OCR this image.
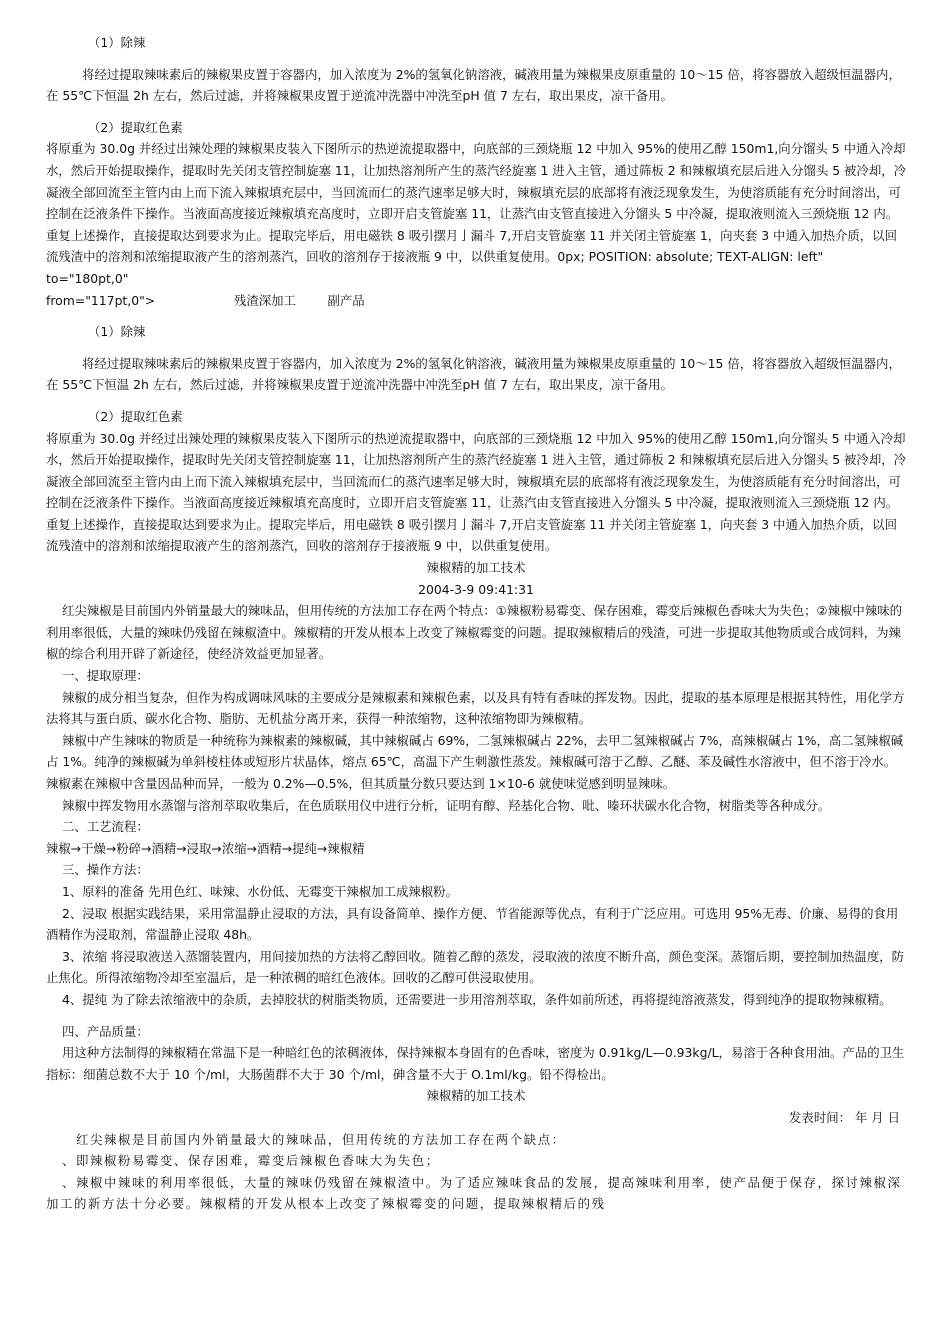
（1）除辣

将经过提取辣味素后的辣椒果皮置于容器内，加入浓度为 2%的氢氧化钠溶液，碱液用量为辣椒果皮原重量的 10～15 倍，将容器放入超级恒温器内，在 55℃下恒温 2h 左右，然后过滤，并将辣椒果皮置于逆流冲洗器中冲洗至pH 值 7 左右，取出果皮，凉干备用。

（2）提取红色素

将原重为 30.0g 并经过出辣处理的辣椒果皮装入下图所示的热逆流提取器中，向底部的三颈烧瓶 12 中加入 95%的使用乙醇 150m1,向分馏头 5 中通入冷却水，然后开始提取操作，提取时先关闭支管控制旋塞 11，让加热溶剂所产生的蒸汽经旋塞 1 进入主管，通过筛板 2 和辣椒填充层后进入分馏头 5 被冷却，冷凝液全部回流至主管内由上而下流入辣椒填充层中，当回流而仁的蒸汽速率足够大时，辣椒填充层的底部将有液泛现象发生，为使溶质能有充分时间溶出，可控制在泛液条件下操作。当液面高度接近辣椒填充高度时，立即开启支管旋塞 11，让蒸汽由支管直接进入分馏头 5 中冷凝，提取液则流入三颈烧瓶 12 内。重复上述操作，直接提取达到要求为止。提取完毕后，用电磁铁 8 吸引摆月亅漏斗 7,开启支管旋塞 11 并关闭主管旋塞 1，向夹套 3 中通入加热介质，以回流残渣中的溶剂和浓缩提取液产生的溶剂蒸汽，回收的溶剂存于接液瓶 9 中，以供重复使用。0px; POSITION: absolute; TEXT-ALIGN: left" to="180pt,0"

from="117pt,0">	残渣深加工	副产品

（1）除辣

将经过提取辣味素后的辣椒果皮置于容器内，加入浓度为 2%的氢氧化钠溶液，碱液用量为辣椒果皮原重量的 10～15 倍，将容器放入超级恒温器内，在 55℃下恒温 2h 左右，然后过滤，并将辣椒果皮置于逆流冲洗器中冲洗至pH 值 7 左右，取出果皮，凉干备用。

（2）提取红色素

将原重为 30.0g 并经过出辣处理的辣椒果皮装入下图所示的热逆流提取器中，向底部的三颈烧瓶 12 中加入 95%的使用乙醇 150m1,向分馏头 5 中通入冷却水，然后开始提取操作，提取时先关闭支管控制旋塞 11，让加热溶剂所产生的蒸汽经旋塞 1 进入主管，通过筛板 2 和辣椒填充层后进入分馏头 5 被冷却，冷凝液全部回流至主管内由上而下流入辣椒填充层中，当回流而仁的蒸汽速率足够大时，辣椒填充层的底部将有液泛现象发生，为使溶质能有充分时间溶出，可控制在泛液条件下操作。当液面高度接近辣椒填充高度时，立即开启支管旋塞 11，让蒸汽由支管直接进入分馏头 5 中冷凝，提取液则流入三颈烧瓶 12 内。重复上述操作，直接提取达到要求为止。提取完毕后，用电磁铁 8 吸引摆月亅漏斗 7,开启支管旋塞 11 并关闭主管旋塞 1，向夹套 3 中通入加热介质，以回流残渣中的溶剂和浓缩提取液产生的溶剂蒸汽，回收的溶剂存于接液瓶 9 中，以供重复使用。

辣椒精的加工技术

2004-3-9 09:41:31

红尖辣椒是目前国内外销量最大的辣味品，但用传统的方法加工存在两个特点：①辣椒粉易霉变、保存困难，霉变后辣椒色香味大为失色；②辣椒中辣味的利用率很低，大量的辣味仍残留在辣椒渣中。辣椒精的开发从根本上改变了辣椒霉变的问题。提取辣椒精后的残渣，可进一步提取其他物质或合成饲料，为辣椒的综合利用开辟了新途径，使经济效益更加显著。

一、提取原理：

辣椒的成分相当复杂，但作为构成调味风味的主要成分是辣椒素和辣椒色素，以及具有特有香味的挥发物。因此，提取的基本原理是根据其特性，用化学方法将其与蛋白质、碳水化合物、脂肪、无机盐分离开来，获得一种浓缩物，这种浓缩物即为辣椒精。

辣椒中产生辣味的物质是一种统称为辣椒素的辣椒碱，其中辣椒碱占 69%，二氢辣椒碱占 22%，去甲二氢辣椒碱占 7%，高辣椒碱占 1%，高二氢辣椒碱占 1%。纯净的辣椒碱为单斜棱柱体或短形片状晶体，熔点 65℃，高温下产生刺激性蒸发。辣椒碱可溶于乙醇、乙醚、苯及碱性水溶液中，但不溶于冷水。辣椒素在辣椒中含量因品种而异，一般为 0.2%—0.5%，但其质量分数只要达到 1×10-6 就使味觉感到明显辣味。

辣椒中挥发物用水蒸馏与溶剂萃取收集后，在色质联用仪中进行分析，证明有醇、羟基化合物、吡、嗪环状碳水化合物，树脂类等各种成分。

二、工艺流程：

辣椒→干燥→粉碎→酒精→浸取→浓缩→酒精→提纯→辣椒精

三、操作方法：

1、原料的准备 先用色红、味辣、水份低、无霉变干辣椒加工成辣椒粉。

2、浸取 根据实践结果，采用常温静止浸取的方法，具有设备简单、操作方便、节省能源等优点，有利于广泛应用。可选用 95%无毒、价廉、易得的食用酒精作为浸取剂，常温静止浸取 48h。

3、浓缩 将浸取液送入蒸馏装置内，用间接加热的方法将乙醇回收。随着乙醇的蒸发，浸取液的浓度不断升高，颜色变深。蒸馏后期，要控制加热温度，防止焦化。所得浓缩物冷却至室温后，是一种浓稠的暗红色液体。回收的乙醇可供浸取使用。

4、提纯 为了除去浓缩液中的杂质，去掉胶状的树脂类物质，还需要进一步用溶剂萃取，条件如前所述，再将提纯溶液蒸发，得到纯净的提取物辣椒精。

四、产品质量：

用这种方法制得的辣椒精在常温下是一种暗红色的浓稠液体，保持辣椒本身固有的色香味，密度为 0.91kg/L—0.93kg/L，易溶于各种食用油。产品的卫生指标：细菌总数不大于 10 个/ml，大肠菌群不大于 30 个/ml，砷含量不大于 O.1ml/kg。铅不得检出。

辣椒精的加工技术

发表时间： 年 月 日

红尖辣椒是目前国内外销量最大的辣味品，但用传统的方法加工存在两个缺点：

、即辣椒粉易霉变、保存困难，霉变后辣椒色香味大为失色；

、辣椒中辣味的利用率很低，大量的辣味仍残留在辣椒渣中。为了适应辣味食品的发展，提高辣味利用率，使产品便于保存，探讨辣椒深加工的新方法十分必要。辣椒精的开发从根本上改变了辣椒霉变的问题，提取辣椒精后的残
